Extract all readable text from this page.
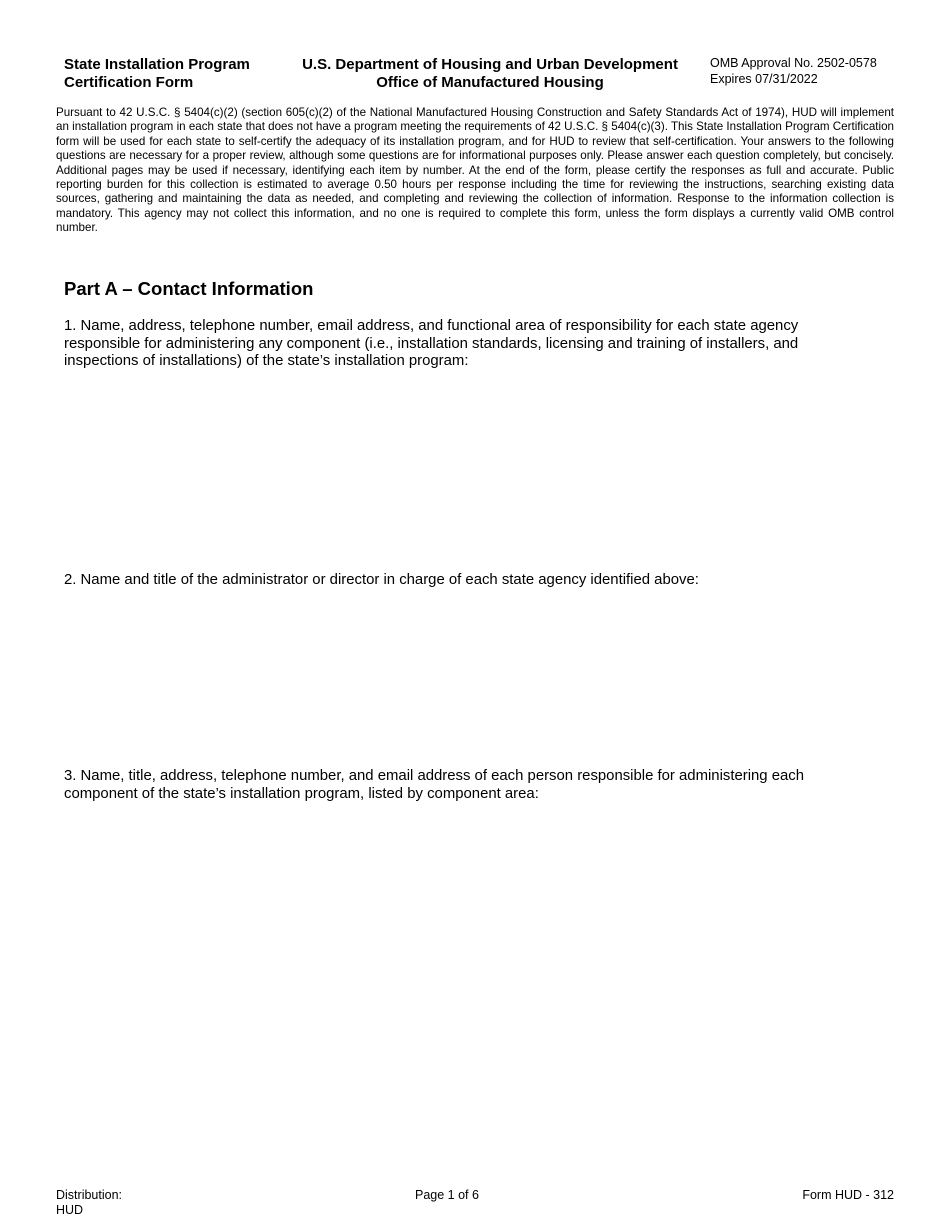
State Installation Program
Certification Form
U.S. Department of Housing and Urban Development
Office of Manufactured Housing
OMB Approval No. 2502-0578
Expires 07/31/2022
Pursuant to 42 U.S.C. § 5404(c)(2) (section 605(c)(2) of the National Manufactured Housing Construction and Safety Standards Act of 1974), HUD will implement an installation program in each state that does not have a program meeting the requirements of 42 U.S.C. § 5404(c)(3). This State Installation Program Certification form will be used for each state to self-certify the adequacy of its installation program, and for HUD to review that self-certification. Your answers to the following questions are necessary for a proper review, although some questions are for informational purposes only. Please answer each question completely, but concisely. Additional pages may be used if necessary, identifying each item by number. At the end of the form, please certify the responses as full and accurate. Public reporting burden for this collection is estimated to average 0.50 hours per response including the time for reviewing the instructions, searching existing data sources, gathering and maintaining the data as needed, and completing and reviewing the collection of information. Response to the information collection is mandatory. This agency may not collect this information, and no one is required to complete this form, unless the form displays a currently valid OMB control number.
Part A – Contact Information
1. Name, address, telephone number, email address, and functional area of responsibility for each state agency responsible for administering any component (i.e., installation standards, licensing and training of installers, and inspections of installations) of the state’s installation program:
2. Name and title of the administrator or director in charge of each state agency identified above:
3. Name, title, address, telephone number, and email address of each person responsible for administering each component of the state’s installation program, listed by component area:
Distribution:
HUD
Page 1 of 6	Form HUD - 312
